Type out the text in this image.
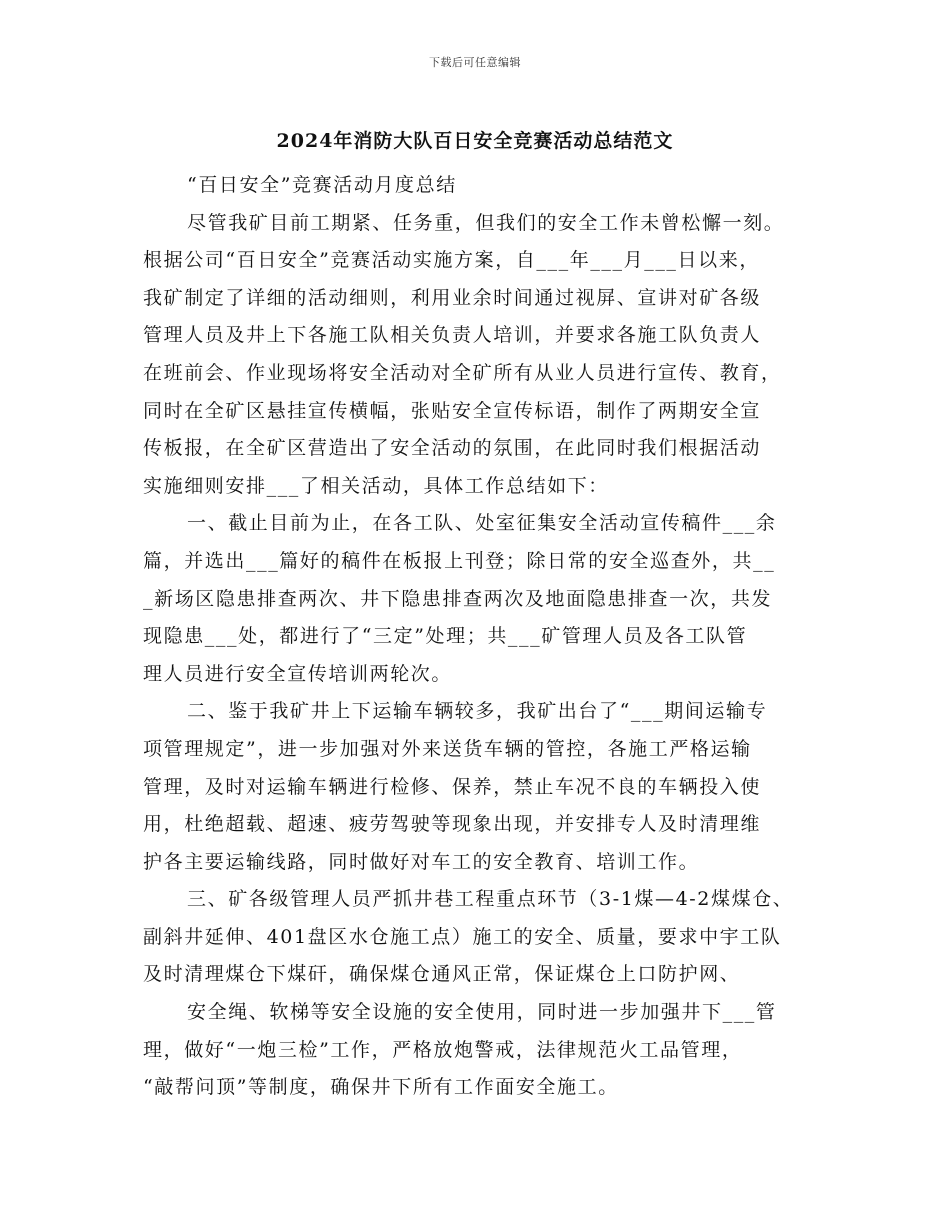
下载后可任意编辑
2024年消防大队百日安全竞赛活动总结范文
“百日安全”竞赛活动月度总结
尽管我矿目前工期紧、任务重，但我们的安全工作未曾松懈一刻。
根据公司“百日安全”竞赛活动实施方案，自___年___月___日以来，
我矿制定了详细的活动细则，利用业余时间通过视屏、宣讲对矿各级
管理人员及井上下各施工队相关负责人培训，并要求各施工队负责人
在班前会、作业现场将安全活动对全矿所有从业人员进行宣传、教育，
同时在全矿区悬挂宣传横幅，张贴安全宣传标语，制作了两期安全宣
传板报，在全矿区营造出了安全活动的氛围，在此同时我们根据活动
实施细则安排___了相关活动，具体工作总结如下：
一、截止目前为止，在各工队、处室征集安全活动宣传稿件___余
篇，并选出___篇好的稿件在板报上刊登；除日常的安全巡查外，共__
_新场区隐患排查两次、井下隐患排查两次及地面隐患排查一次，共发
现隐患___处，都进行了“三定”处理；共___矿管理人员及各工队管
理人员进行安全宣传培训两轮次。
二、鉴于我矿井上下运输车辆较多，我矿出台了“___期间运输专
项管理规定”，进一步加强对外来送货车辆的管控，各施工严格运输
管理，及时对运输车辆进行检修、保养，禁止车况不良的车辆投入使
用，杜绝超载、超速、疲劳驾驶等现象出现，并安排专人及时清理维
护各主要运输线路，同时做好对车工的安全教育、培训工作。
三、矿各级管理人员严抓井巷工程重点环节（3-1煤—4-2煤煤仓、
副斜井延伸、401盘区水仓施工点）施工的安全、质量，要求中宇工队
及时清理煤仓下煤矸，确保煤仓通风正常，保证煤仓上口防护网、
安全绳、软梯等安全设施的安全使用，同时进一步加强井下___管
理，做好“一炮三检”工作，严格放炮警戒，法律规范火工品管理，
“敲帮问顶”等制度，确保井下所有工作面安全施工。
